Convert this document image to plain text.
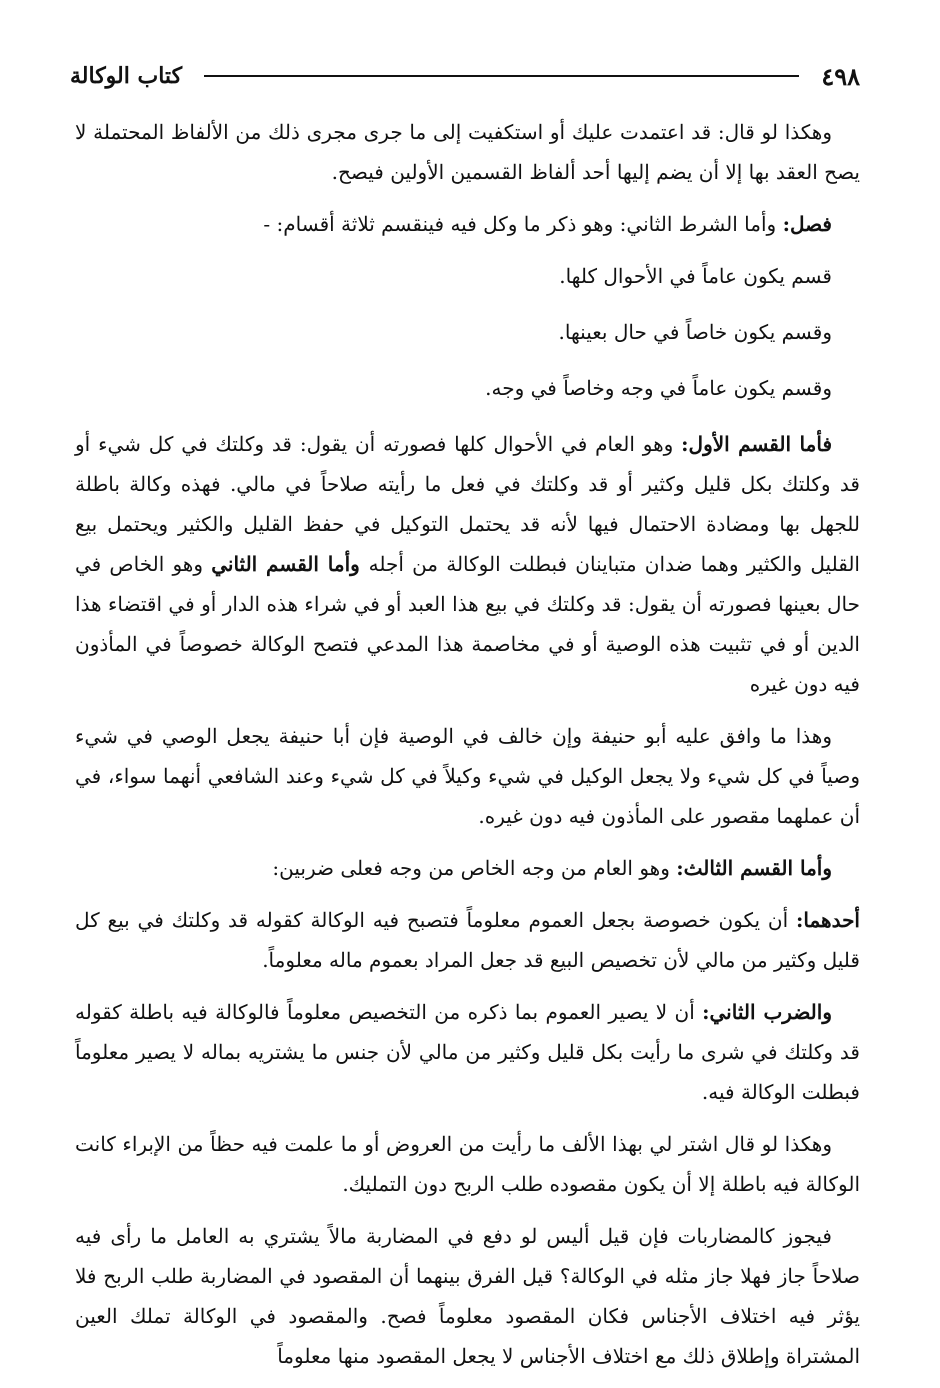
٤٩٨
كتاب الوكالة

وهكذا لو قال: قد اعتمدت عليك أو استكفيت إلى ما جرى مجرى ذلك من الألفاظ المحتملة لا يصح العقد بها إلا أن يضم إليها أحد ألفاظ القسمين الأولين فيصح.

فصل: وأما الشرط الثاني: وهو ذكر ما وكل فيه فينقسم ثلاثة أقسام: -

قسم يكون عاماً في الأحوال كلها.

وقسم يكون خاصاً في حال بعينها.

وقسم يكون عاماً في وجه وخاصاً في وجه.

فأما القسم الأول: وهو العام في الأحوال كلها فصورته أن يقول: قد وكلتك في كل شيء أو قد وكلتك بكل قليل وكثير أو قد وكلتك في فعل ما رأيته صلاحاً في مالي. فهذه وكالة باطلة للجهل بها ومضادة الاحتمال فيها لأنه قد يحتمل التوكيل في حفظ القليل والكثير ويحتمل بيع القليل والكثير وهما ضدان متباينان فبطلت الوكالة من أجله وأما القسم الثاني وهو الخاص في حال بعينها فصورته أن يقول: قد وكلتك في بيع هذا العبد أو في شراء هذه الدار أو في اقتضاء هذا الدين أو في تثبيت هذه الوصية أو في مخاصمة هذا المدعي فتصح الوكالة خصوصاً في المأذون فيه دون غيره

وهذا ما وافق عليه أبو حنيفة وإن خالف في الوصية فإن أبا حنيفة يجعل الوصي في شيء وصياً في كل شيء ولا يجعل الوكيل في شيء وكيلاً في كل شيء وعند الشافعي أنهما سواء، في أن عملهما مقصور على المأذون فيه دون غيره.

وأما القسم الثالث: وهو العام من وجه الخاص من وجه فعلى ضربين:

أحدهما: أن يكون خصوصة بجعل العموم معلوماً فتصبح فيه الوكالة كقوله قد وكلتك في بيع كل قليل وكثير من مالي لأن تخصيص البيع قد جعل المراد بعموم ماله معلوماً.

والضرب الثاني: أن لا يصير العموم بما ذكره من التخصيص معلوماً فالوكالة فيه باطلة كقوله قد وكلتك في شرى ما رأيت بكل قليل وكثير من مالي لأن جنس ما يشتريه بماله لا يصير معلوماً فبطلت الوكالة فيه.

وهكذا لو قال اشتر لي بهذا الألف ما رأيت من العروض أو ما علمت فيه حظاً من الإبراء كانت الوكالة فيه باطلة إلا أن يكون مقصوده طلب الربح دون التمليك.

فيجوز كالمضاربات فإن قيل أليس لو دفع في المضاربة مالاً يشتري به العامل ما رأى فيه صلاحاً جاز فهلا جاز مثله في الوكالة؟ قيل الفرق بينهما أن المقصود في المضاربة طلب الربح فلا يؤثر فيه اختلاف الأجناس فكان المقصود معلوماً فصح. والمقصود في الوكالة تملك العين المشتراة وإطلاق ذلك مع اختلاف الأجناس لا يجعل المقصود منها معلوماً
